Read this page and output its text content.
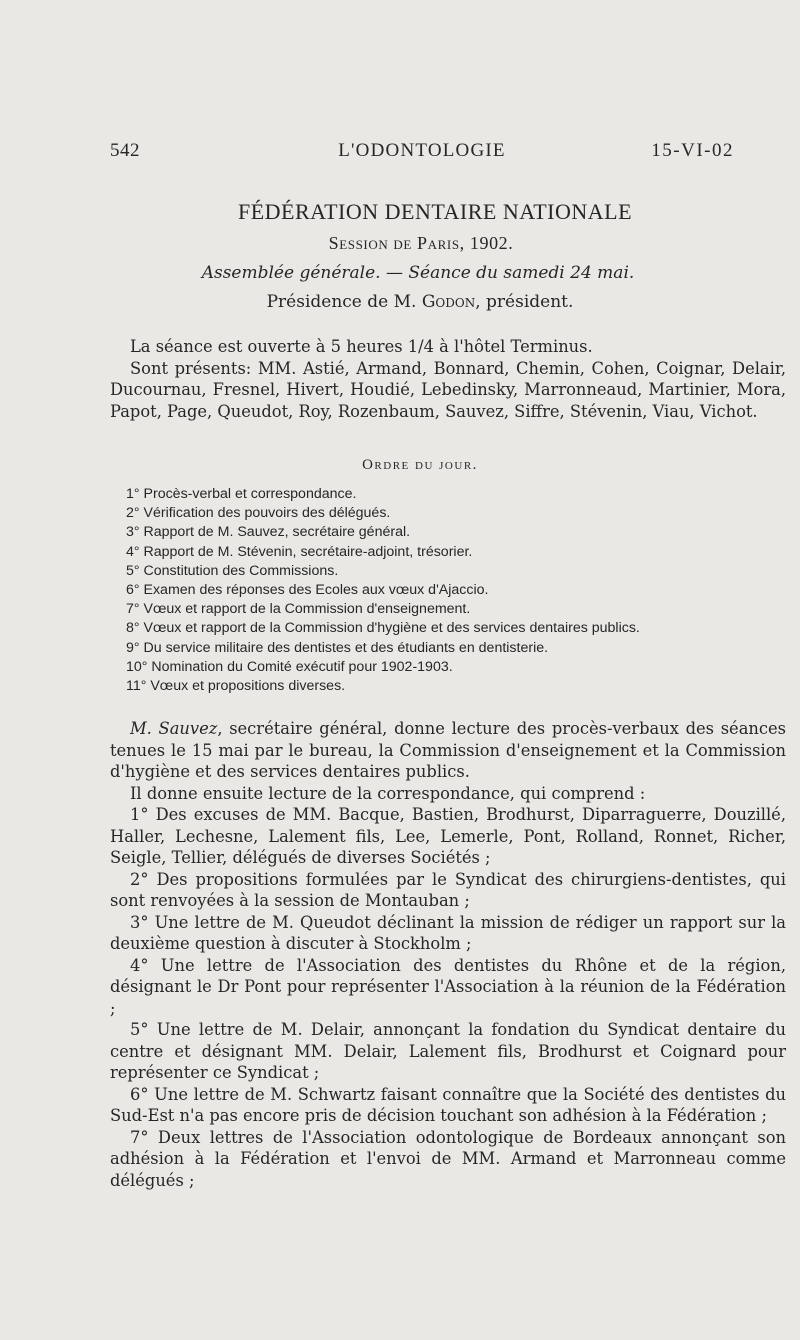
542	L'ODONTOLOGIE	15-VI-02
FÉDÉRATION DENTAIRE NATIONALE
Session de Paris, 1902.
Assemblée générale. — Séance du samedi 24 mai.
Présidence de M. Godon, président.

La séance est ouverte à 5 heures 1/4 à l'hôtel Terminus.

Sont présents: MM. Astié, Armand, Bonnard, Chemin, Cohen, Coignar, Delair, Ducournau, Fresnel, Hivert, Houdié, Lebedinsky, Marronneaud, Martinier, Mora, Papot, Page, Queudot, Roy, Rozenbaum, Sauvez, Siffre, Stévenin, Viau, Vichot.

Ordre du jour.
1° Procès-verbal et correspondance.
2° Vérification des pouvoirs des délégués.
3° Rapport de M. Sauvez, secrétaire général.
4° Rapport de M. Stévenin, secrétaire-adjoint, trésorier.
5° Constitution des Commissions.
6° Examen des réponses des Ecoles aux vœux d'Ajaccio.
7° Vœux et rapport de la Commission d'enseignement.
8° Vœux et rapport de la Commission d'hygiène et des services dentaires publics.
9° Du service militaire des dentistes et des étudiants en dentisterie.
10° Nomination du Comité exécutif pour 1902-1903.
11° Vœux et propositions diverses.

M. Sauvez, secrétaire général, donne lecture des procès-verbaux des séances tenues le 15 mai par le bureau, la Commission d'enseignement et la Commission d'hygiène et des services dentaires publics.

Il donne ensuite lecture de la correspondance, qui comprend :

1° Des excuses de MM. Bacque, Bastien, Brodhurst, Diparraguerre, Douzillé, Haller, Lechesne, Lalement fils, Lee, Lemerle, Pont, Rolland, Ronnet, Richer, Seigle, Tellier, délégués de diverses Sociétés ;

2° Des propositions formulées par le Syndicat des chirurgiens-dentistes, qui sont renvoyées à la session de Montauban ;

3° Une lettre de M. Queudot déclinant la mission de rédiger un rapport sur la deuxième question à discuter à Stockholm ;

4° Une lettre de l'Association des dentistes du Rhône et de la région, désignant le Dr Pont pour représenter l'Association à la réunion de la Fédération ;

5° Une lettre de M. Delair, annonçant la fondation du Syndicat dentaire du centre et désignant MM. Delair, Lalement fils, Brodhurst et Coignard pour représenter ce Syndicat ;

6° Une lettre de M. Schwartz faisant connaître que la Société des dentistes du Sud-Est n'a pas encore pris de décision touchant son adhésion à la Fédération ;

7° Deux lettres de l'Association odontologique de Bordeaux annonçant son adhésion à la Fédération et l'envoi de MM. Armand et Marronneau comme délégués ;
